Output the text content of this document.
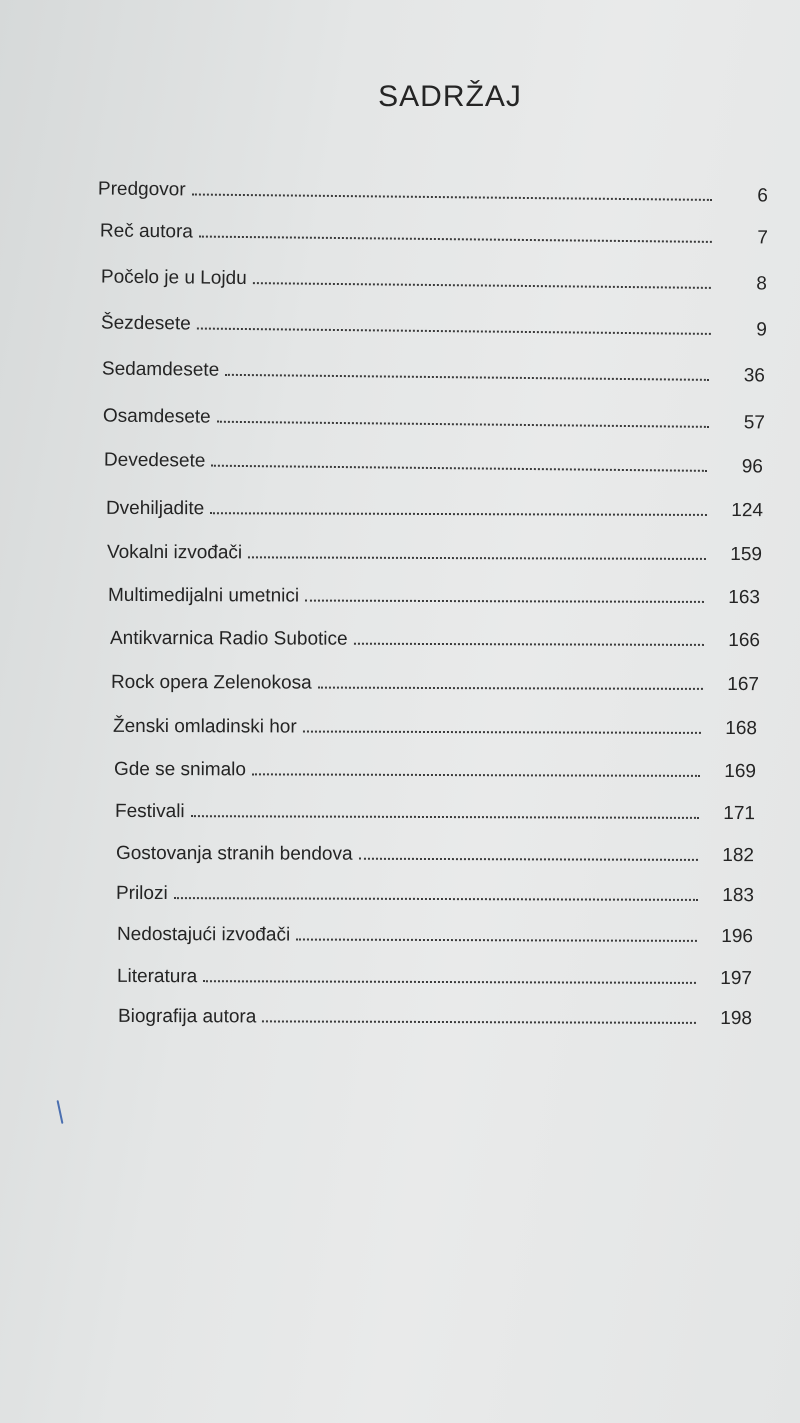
SADRŽAJ
Predgovor	6
Reč autora	7
Počelo je u Lojdu	8
Šezdesete	9
Sedamdesete	36
Osamdesete	57
Devedesete	96
Dvehiljadite	124
Vokalni izvođači	159
Multimedijalni umetnici	163
Antikvarnica Radio Subotice	166
Rock opera Zelenokosa	167
Ženski omladinski hor	168
Gde se snimalo	169
Festivali	171
Gostovanja stranih bendova	182
Prilozi	183
Nedostajući izvođači	196
Literatura	197
Biografija autora	198
